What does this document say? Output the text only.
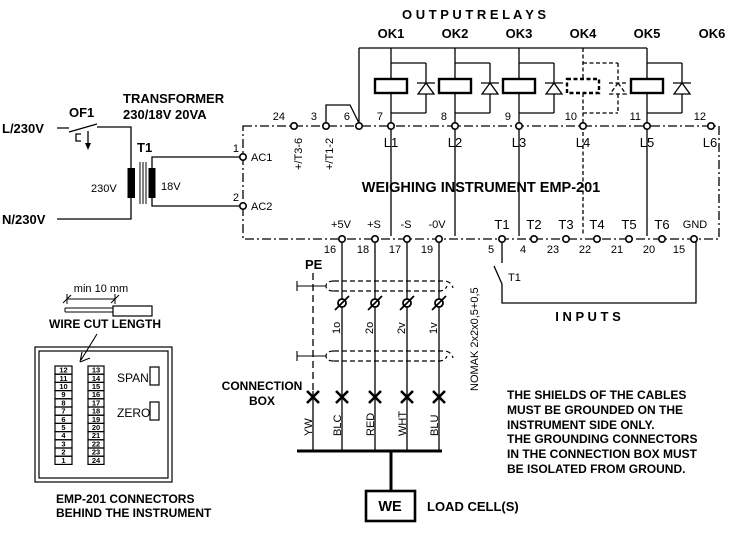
L/230V
N/230V
OF1
TRANSFORMER
230/18V 20VA
T1
230V	18V	WEIGHING INSTRUMENT EMP-201
O U T P U T R E L A Y S
OK1	OK2	OK3	OK4	OK5	OK6
7	8	9	10	11	12
L1	L2	L3	L4	L5	L6
24 3 6
+/T3-6 +/T1-2
T1
I N P U T S
PE
1o 2o 2v 1v	NOMAK 2x2x0,5+0,5
YW BLC RED WHT BLU
CONNECTION
BOX
WE LOAD CELL(S)
1
AC1
2
AC2
+5V +S -S -0V
16 18 17 19
T1 T2 T3 T4 T5 T6 GND
5 4 23 22 21 20 15
THE SHIELDS OF THE CABLES
MUST BE GROUNDED ON THE
INSTRUMENT SIDE ONLY.
THE GROUNDING CONNECTORS
IN THE CONNECTION BOX MUST
BE ISOLATED FROM GROUND.
min 10 mm
WIRE CUT LENGTH
12
11
10
9
8
7
6
5
4
3
2
1
13
14
15
16
17
18
19
20
21
22
23
24
SPAN
ZERO
EMP-201 CONNECTORS
BEHIND THE INSTRUMENT
